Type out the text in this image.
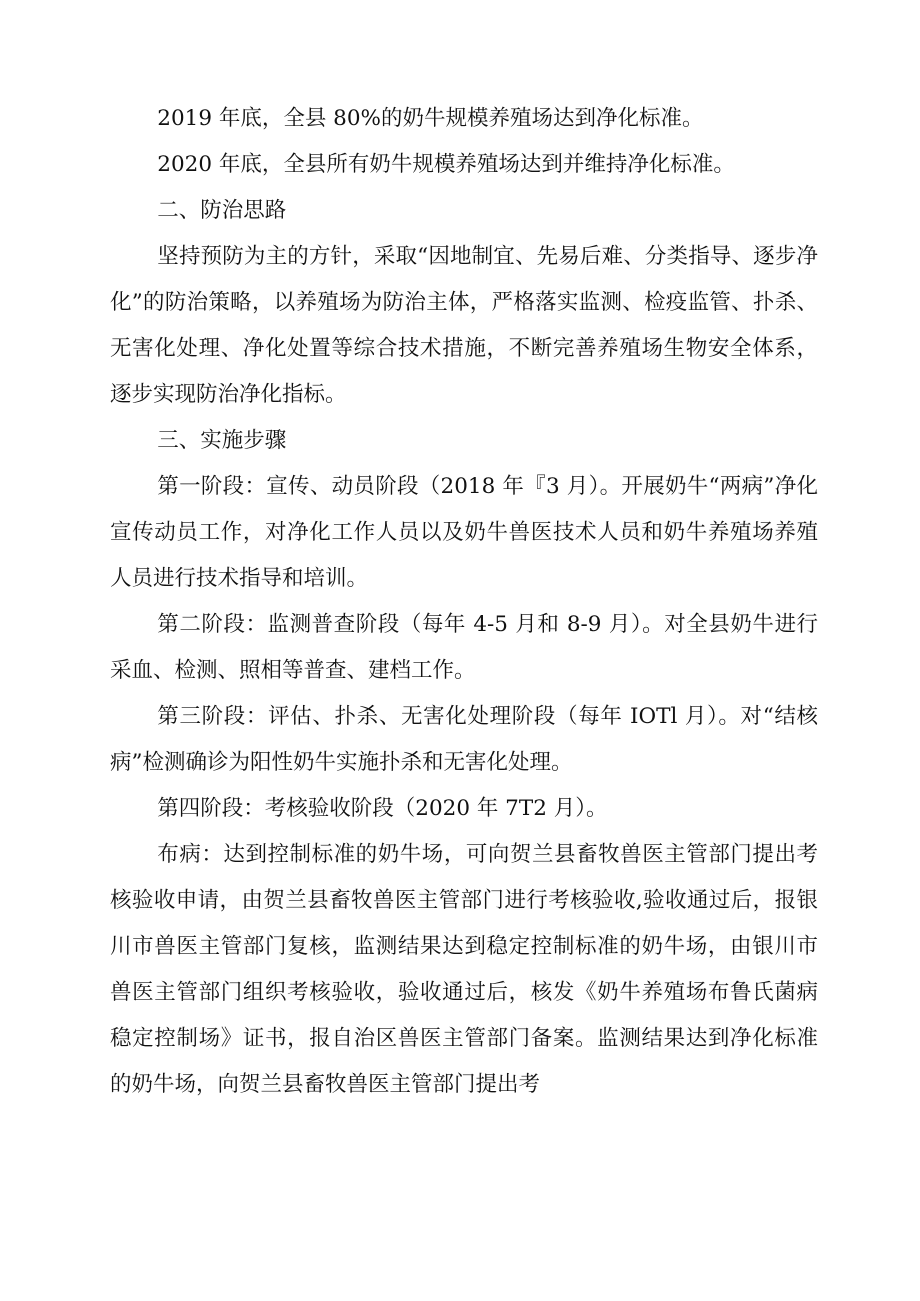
2019 年底，全县 80%的奶牛规模养殖场达到净化标准。

2020 年底，全县所有奶牛规模养殖场达到并维持净化标准。

二、防治思路

坚持预防为主的方针，采取“因地制宜、先易后难、分类指导、逐步净化”的防治策略，以养殖场为防治主体，严格落实监测、检疫监管、扑杀、无害化处理、净化处置等综合技术措施，不断完善养殖场生物安全体系，逐步实现防治净化指标。

三、实施步骤

第一阶段：宣传、动员阶段（2018 年『3 月）。开展奶牛“两病”净化宣传动员工作，对净化工作人员以及奶牛兽医技术人员和奶牛养殖场养殖人员进行技术指导和培训。

第二阶段：监测普查阶段（每年 4-5 月和 8-9 月）。对全县奶牛进行采血、检测、照相等普查、建档工作。

第三阶段：评估、扑杀、无害化处理阶段（每年 IOTl 月）。对“结核病”检测确诊为阳性奶牛实施扑杀和无害化处理。

第四阶段：考核验收阶段（2020 年 7T2 月）。

布病：达到控制标准的奶牛场，可向贺兰县畜牧兽医主管部门提出考核验收申请，由贺兰县畜牧兽医主管部门进行考核验收,验收通过后，报银川市兽医主管部门复核，监测结果达到稳定控制标准的奶牛场，由银川市兽医主管部门组织考核验收，验收通过后，核发《奶牛养殖场布鲁氏菌病稳定控制场》证书，报自治区兽医主管部门备案。监测结果达到净化标准的奶牛场，向贺兰县畜牧兽医主管部门提出考
